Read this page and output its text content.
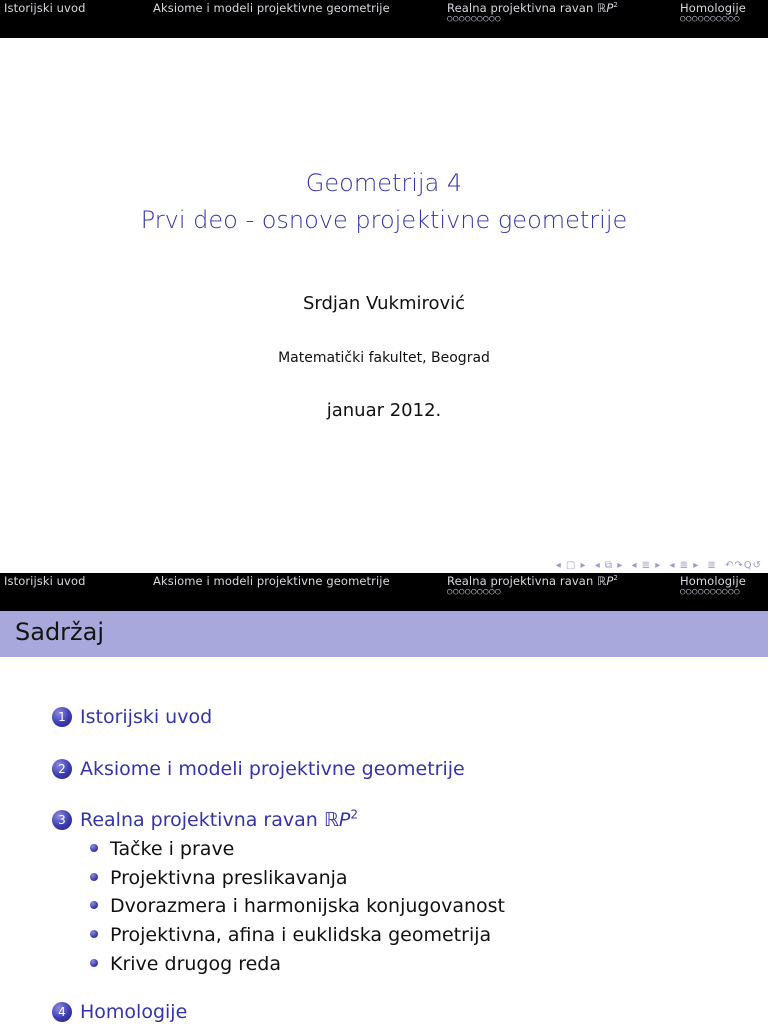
Istorijski uvod	Aksiome i modeli projektivne geometrije	Realna projektivna ravan ℝP$^2$
○○○○○○○○○
Homologije
○○○○○○○○○○
Geometrija 4
Prvi deo - osnove projektivne geometrije
Srdjan Vukmirović
Matematički fakultet, Beograd
januar 2012.
◂ ▢ ▸ ◂ ⧉ ▸ ◂ ≣ ▸ ◂ ≣ ▸ ≣ ↶↷Q↺
Istorijski uvod	Aksiome i modeli projektivne geometrije	Realna projektivna ravan ℝP$^2$
○○○○○○○○○
Homologije
○○○○○○○○○○
Sadržaj
1 Istorijski uvod
2 Aksiome i modeli projektivne geometrije
3 Realna projektivna ravan ℝP$^2$
Tačke i prave
Projektivna preslikavanja
Dvorazmera i harmonijska konjugovanost
Projektivna, afina i euklidska geometrija
Krive drugog reda
4 Homologije
